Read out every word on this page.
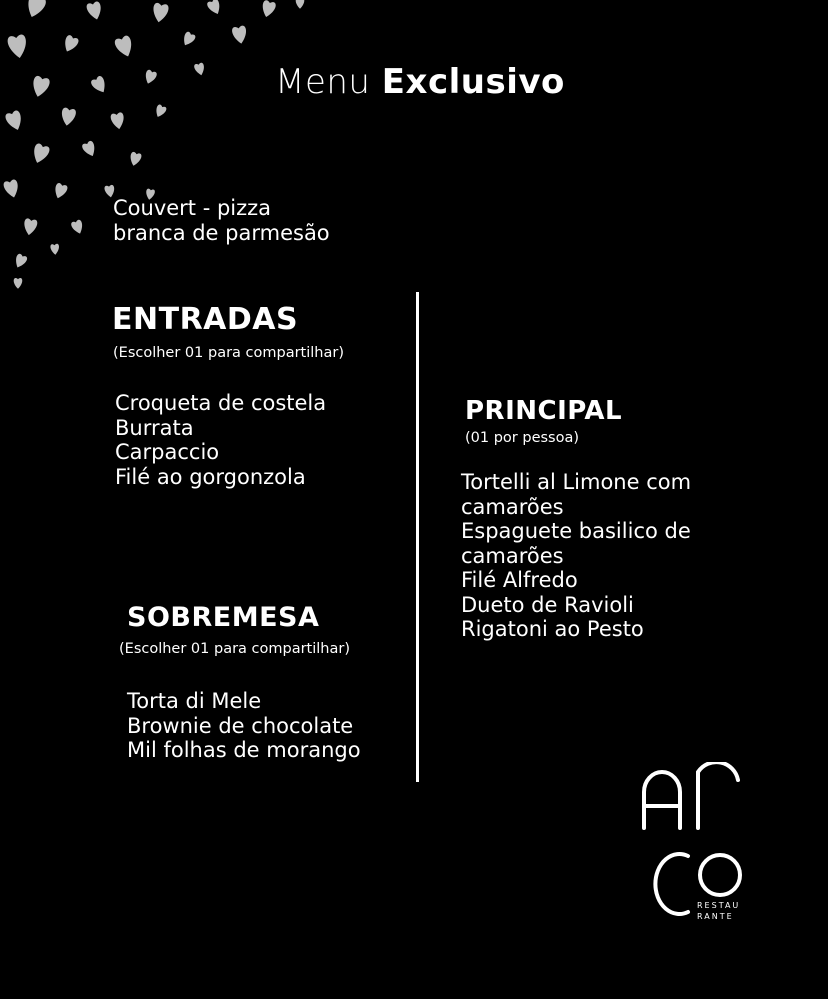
Menu Exclusivo
Couvert - pizza
branca de parmesão
ENTRADAS
(Escolher 01 para compartilhar)
Croqueta de costela
Burrata
Carpaccio
Filé ao gorgonzola
SOBREMESA
(Escolher 01 para compartilhar)
Torta di Mele
Brownie de chocolate
Mil folhas de morango
PRINCIPAL
(01 por pessoa)
Tortelli al Limone com
camarões
Espaguete basilico de
camarões
Filé Alfredo
Dueto de Ravioli
Rigatoni ao Pesto
RESTAU
RANTE
